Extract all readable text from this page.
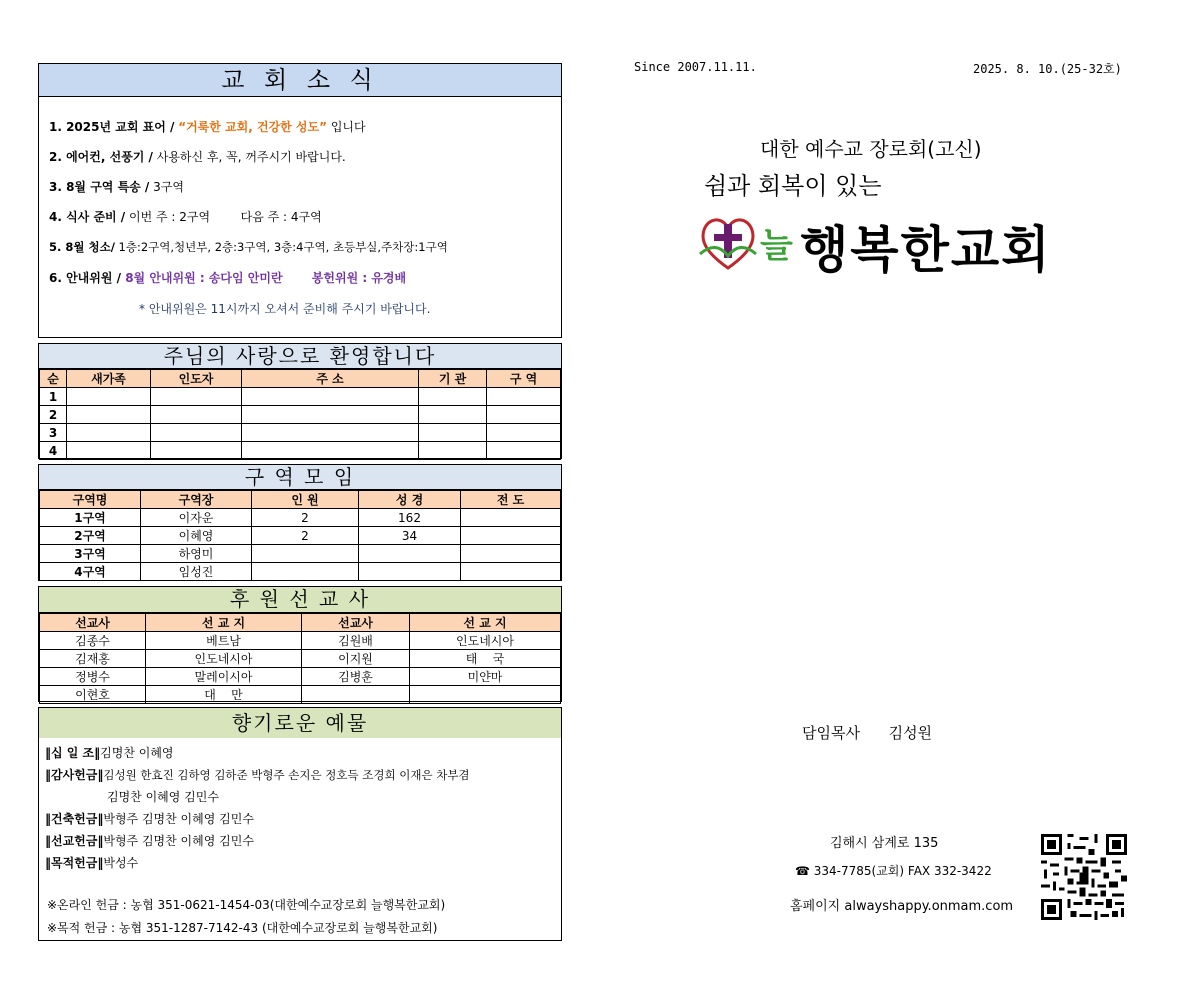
교 회 소 식
1. 2025년 교회 표어 / “거룩한 교회, 건강한 성도” 입니다
2. 에어컨, 선풍기 / 사용하신 후, 꼭, 꺼주시기 바랍니다.
3. 8월 구역 특송 / 3구역
4. 식사 준비 / 이번 주 : 2구역        다음 주 : 4구역
5. 8월 청소/ 1층:2구역,청년부, 2층:3구역, 3층:4구역, 초등부실,주차장:1구역
6. 안내위원 / 8월 안내위원 : 송다임 안미란       봉헌위원 : 유경배
* 안내위원은 11시까지 오셔서 준비해 주시기 바랍니다.
주님의 사랑으로 환영합니다
순	새가족	인도자	주 소	기 관	구 역
1					
2					
3					
4					
구 역 모 임
구역명	구역장	인 원	성 경	전 도
1구역	이자운	2	162	
2구역	이혜영	2	34	
3구역	하영미			
4구역	임성진			
후 원 선 교 사
선교사	선 교 지	선교사	선 교 지
김종수	베트남	김원배	인도네시아
김재홍	인도네시아	이지원	태    국
정병수	말레이시아	김병훈	미얀마
이현호	대    만		
향기로운 예물
‖십 일 조‖김명찬 이혜영
‖감사헌금‖김성원 한효진 김하영 김하준 박형주 손지은 정호득 조경희 이재은 차부겸
김명찬 이혜영 김민수
‖건축헌금‖박형주 김명찬 이혜영 김민수
‖선교헌금‖박형주 김명찬 이혜영 김민수
‖목적헌금‖박성수
※온라인 헌금 : 농협 351-0621-1454-03(대한예수교장로회 늘행복한교회)
※목적 헌금 : 농협 351-1287-7142-43 (대한예수교장로회 늘행복한교회)
Since 2007.11.11.	2025. 8. 10.(25-32호)
대한 예수교 장로회(고신)
쉼과 회복이 있는
늘 행복한교회
담임목사 김성원
김해시 삼계로 135
☎ 334-7785(교회) FAX 332-3422
홈페이지 alwayshappy.onmam.com
